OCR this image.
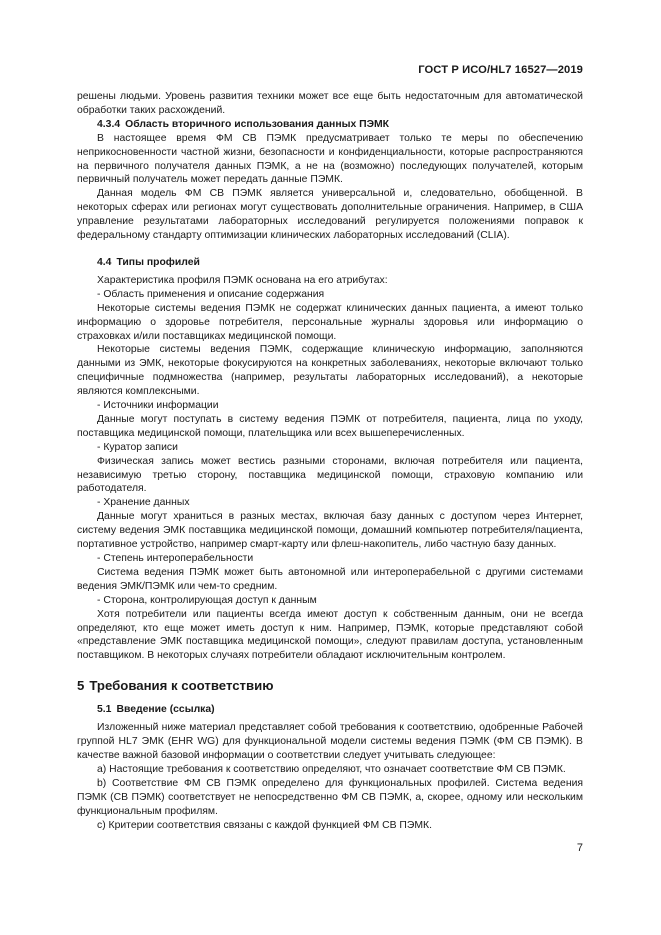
ГОСТ Р ИСО/HL7 16527—2019

решены людьми. Уровень развития техники может все еще быть недостаточным для автоматической обработки таких расхождений.

4.3.4 Область вторичного использования данных ПЭМК

В настоящее время ФМ СВ ПЭМК предусматривает только те меры по обеспечению неприкосновенности частной жизни, безопасности и конфиденциальности, которые распространяются на первичного получателя данных ПЭМК, а не на (возможно) последующих получателей, которым первичный получатель может передать данные ПЭМК.

Данная модель ФМ СВ ПЭМК является универсальной и, следовательно, обобщенной. В некоторых сферах или регионах могут существовать дополнительные ограничения. Например, в США управление результатами лабораторных исследований регулируется положениями поправок к федеральному стандарту оптимизации клинических лабораторных исследований (CLIA).

4.4 Типы профилей

Характеристика профиля ПЭМК основана на его атрибутах:

- Область применения и описание содержания

Некоторые системы ведения ПЭМК не содержат клинических данных пациента, а имеют только информацию о здоровье потребителя, персональные журналы здоровья или информацию о страховках и/или поставщиках медицинской помощи.

Некоторые системы ведения ПЭМК, содержащие клиническую информацию, заполняются данными из ЭМК, некоторые фокусируются на конкретных заболеваниях, некоторые включают только специфичные подмножества (например, результаты лабораторных исследований), а некоторые являются комплексными.

- Источники информации

Данные могут поступать в систему ведения ПЭМК от потребителя, пациента, лица по уходу, поставщика медицинской помощи, плательщика или всех вышеперечисленных.

- Куратор записи

Физическая запись может вестись разными сторонами, включая потребителя или пациента, независимую третью сторону, поставщика медицинской помощи, страховую компанию или работодателя.

- Хранение данных

Данные могут храниться в разных местах, включая базу данных с доступом через Интернет, систему ведения ЭМК поставщика медицинской помощи, домашний компьютер потребителя/пациента, портативное устройство, например смарт-карту или флеш-накопитель, либо частную базу данных.

- Степень интероперабельности

Система ведения ПЭМК может быть автономной или интероперабельной с другими системами ведения ЭМК/ПЭМК или чем-то средним.

- Сторона, контролирующая доступ к данным

Хотя потребители или пациенты всегда имеют доступ к собственным данным, они не всегда определяют, кто еще может иметь доступ к ним. Например, ПЭМК, которые представляют собой «представление ЭМК поставщика медицинской помощи», следуют правилам доступа, установленным поставщиком. В некоторых случаях потребители обладают исключительным контролем.

5 Требования к соответствию

5.1 Введение (ссылка)

Изложенный ниже материал представляет собой требования к соответствию, одобренные Рабочей группой HL7 ЭМК (EHR WG) для функциональной модели системы ведения ПЭМК (ФМ СВ ПЭМК). В качестве важной базовой информации о соответствии следует учитывать следующее:

а) Настоящие требования к соответствию определяют, что означает соответствие ФМ СВ ПЭМК.

b) Соответствие ФМ СВ ПЭМК определено для функциональных профилей. Система ведения ПЭМК (СВ ПЭМК) соответствует не непосредственно ФМ СВ ПЭМК, а, скорее, одному или нескольким функциональным профилям.

с) Критерии соответствия связаны с каждой функцией ФМ СВ ПЭМК.

7
